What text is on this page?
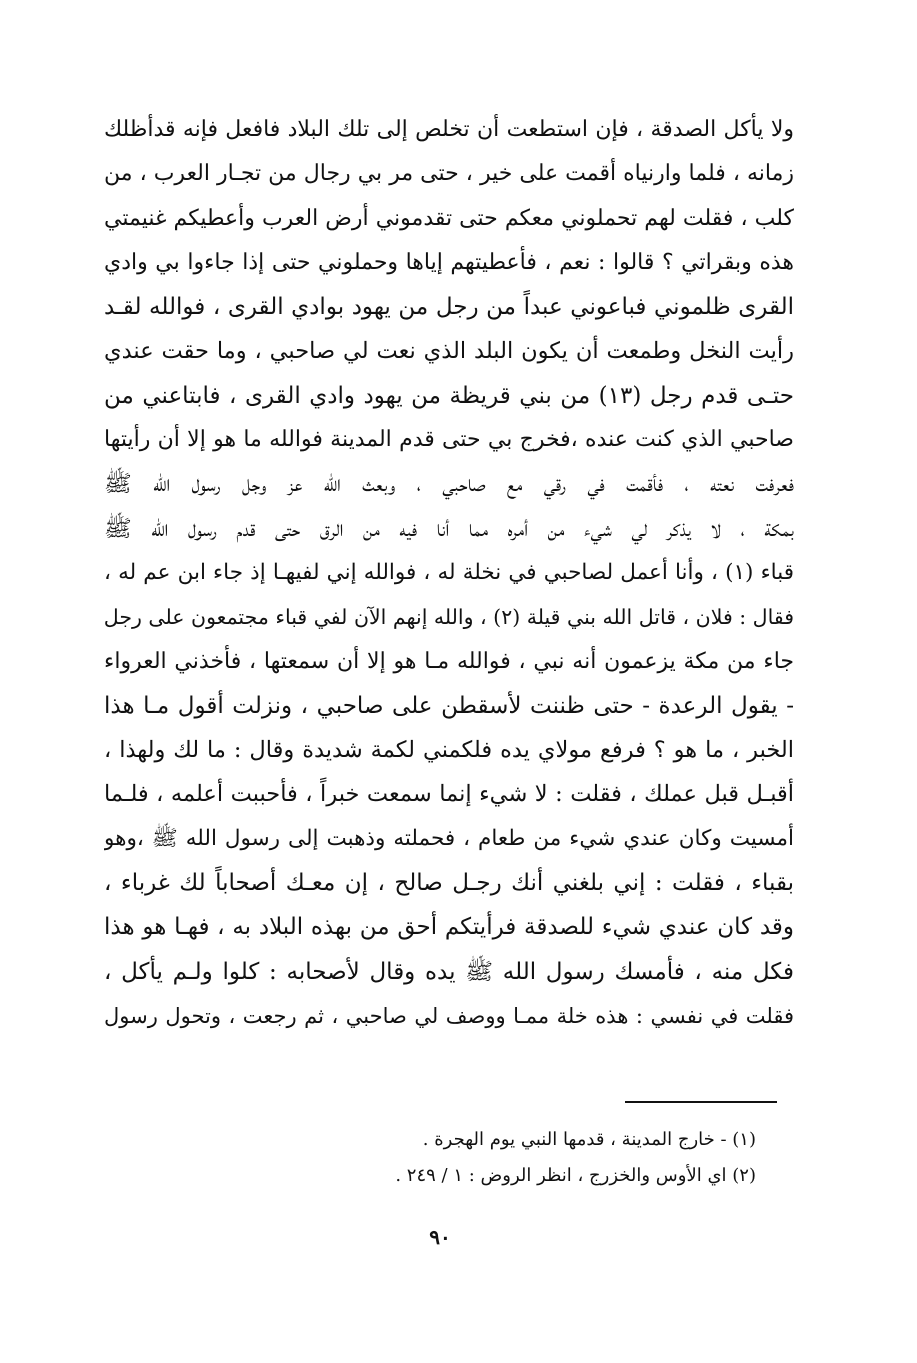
ولا يأكل الصدقة ، فإن استطعت أن تخلص إلى تلك البلاد فافعل فإنه قدأظلك
زمانه ، فلما وارنياه أقمت على خير ، حتى مر بي رجال من تجـار العرب ، من
كلب ، فقلت لهم تحملوني معكم حتى تقدموني أرض العرب وأعطيكم غنيمتي
هذه وبقراتي ؟ قالوا : نعم ، فأعطيتهم إياها وحملوني حتى إذا جاءوا بي وادي
القرى ظلموني فباعوني عبداً من رجل من يهود بوادي القرى ، فوالله لقـد
رأيت النخل وطمعت أن يكون البلد الذي نعت لي صاحبي ، وما حقت عندي
حتـى قدم رجل (١٣) من بني قريظة من يهود وادي القرى ، فابتاعني من
صاحبي الذي كنت عنده ،فخرج بي حتى قدم المدينة فوالله ما هو إلا أن رأيتها
فعرفت نعته ، فأقمت في رقي مع صاحبي ، وبعث الله عز وجل رسول الله ﷺ
بمكة ، لا يذكر لي شيء من أمره مما أنا فيه من الرق حتى قدم رسول الله ﷺ
قباء (١) ، وأنا أعمل لصاحبي في نخلة له ، فوالله إني لفيهـا إذ جاء ابن عم له ،
فقال : فلان ، قاتل الله بني قيلة (٢) ، والله إنهم الآن لفي قباء مجتمعون على رجل
جاء من مكة يزعمون أنه نبي ، فوالله مـا هو إلا أن سمعتها ، فأخذني العرواء
- يقول الرعدة - حتى ظننت لأسقطن على صاحبي ، ونزلت أقول مـا هذا
الخبر ، ما هو ؟ فرفع مولاي يده فلكمني لكمة شديدة وقال : ما لك ولهذا ،
أقبـل قبل عملك ، فقلت : لا شيء إنما سمعت خبراً ، فأحببت أعلمه ، فلـما
أمسيت وكان عندي شيء من طعام ، فحملته وذهبت إلى رسول الله ﷺ ،وهو
بقباء ، فقلت : إني بلغني أنك رجـل صالح ، إن معـك أصحاباً لك غرباء ،
وقد كان عندي شيء للصدقة فرأيتكم أحق من بهذه البلاد به ، فهـا هو هذا
فكل منه ، فأمسك رسول الله ﷺ يده وقال لأصحابه : كلوا ولـم يأكل ،
فقلت في نفسي : هذه خلة ممـا ووصف لي صاحبي ، ثم رجعت ، وتحول رسول
(١) - خارج المدينة ، قدمها النبي يوم الهجرة .
(٢) اي الأوس والخزرج ، انظر الروض : ١ / ٢٤٩ .
٩٠
